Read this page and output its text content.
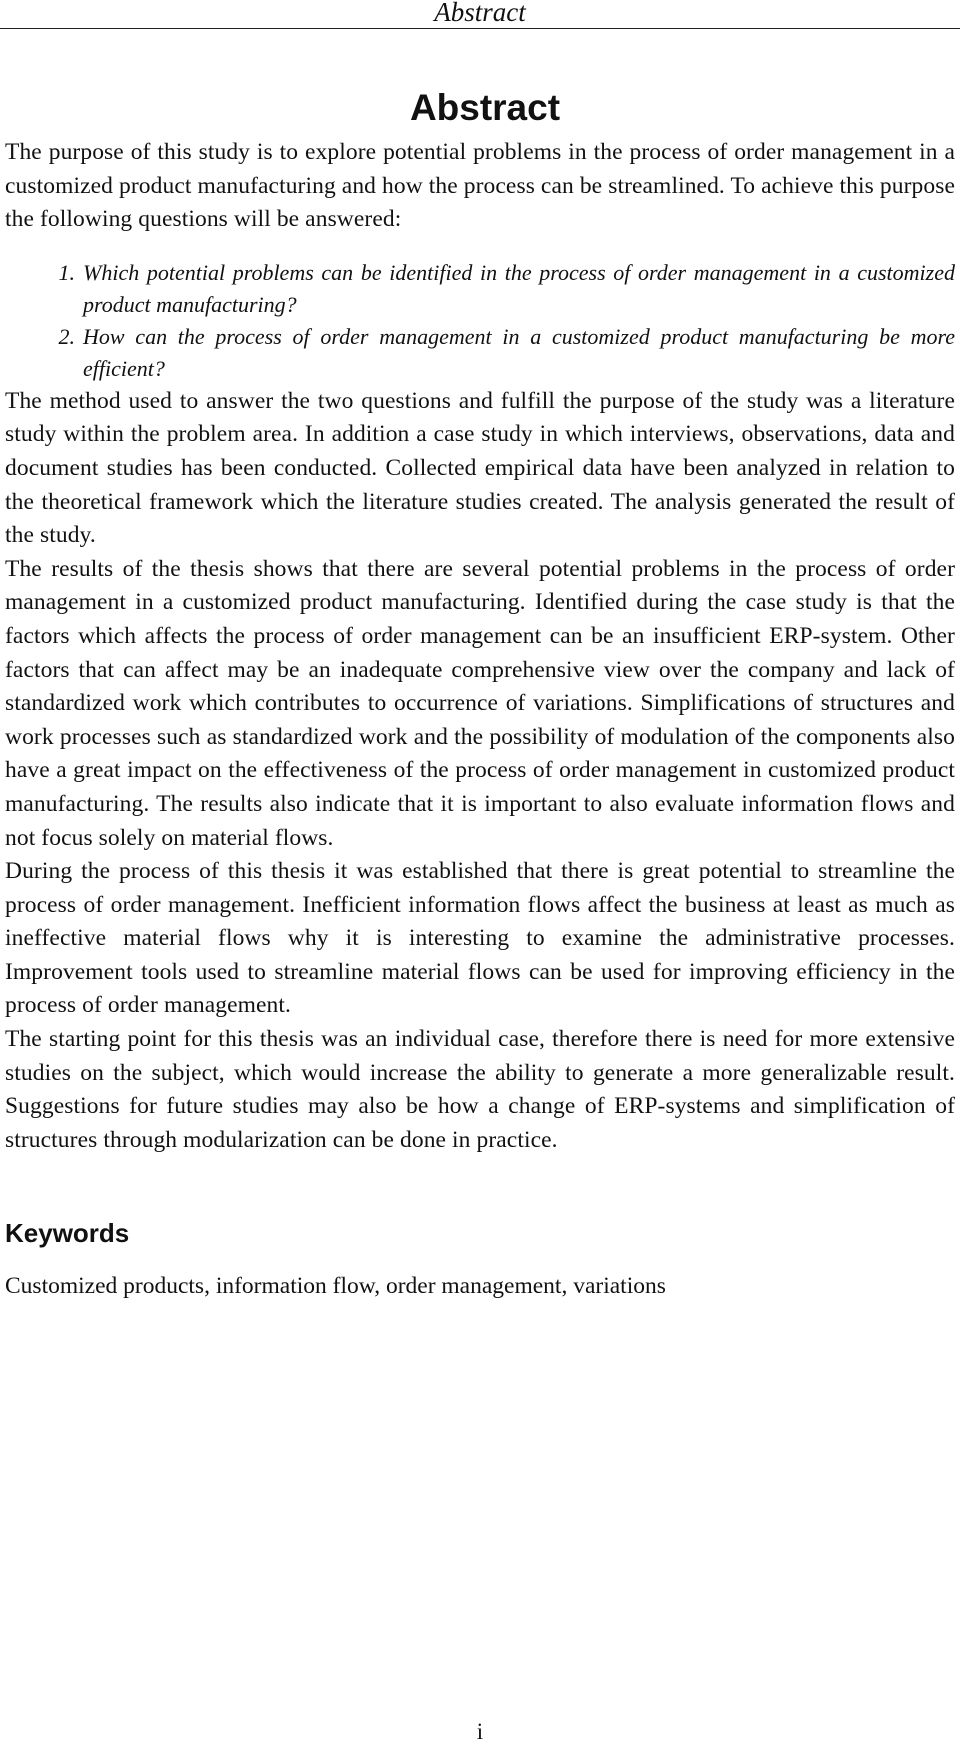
Abstract
Abstract

The purpose of this study is to explore potential problems in the process of order management in a customized product manufacturing and how the process can be streamlined. To achieve this purpose the following questions will be answered:

1. Which potential problems can be identified in the process of order management in a customized product manufacturing?
2. How can the process of order management in a customized product manufacturing be more efficient?

The method used to answer the two questions and fulfill the purpose of the study was a literature study within the problem area. In addition a case study in which interviews, observations, data and document studies has been conducted. Collected empirical data have been analyzed in relation to the theoretical framework which the literature studies created. The analysis generated the result of the study.

The results of the thesis shows that there are several potential problems in the process of order management in a customized product manufacturing. Identified during the case study is that the factors which affects the process of order management can be an insufficient ERP-system. Other factors that can affect may be an inadequate comprehensive view over the company and lack of standardized work which contributes to occurrence of variations. Simplifications of structures and work processes such as standardized work and the possibility of modulation of the components also have a great impact on the effectiveness of the process of order management in customized product manufacturing. The results also indicate that it is important to also evaluate information flows and not focus solely on material flows.

During the process of this thesis it was established that there is great potential to streamline the process of order management. Inefficient information flows affect the business at least as much as ineffective material flows why it is interesting to examine the administrative processes. Improvement tools used to streamline material flows can be used for improving efficiency in the process of order management.

The starting point for this thesis was an individual case, therefore there is need for more extensive studies on the subject, which would increase the ability to generate a more generalizable result. Suggestions for future studies may also be how a change of ERP-systems and simplification of structures through modularization can be done in practice.

Keywords

Customized products, information flow, order management, variations

i
